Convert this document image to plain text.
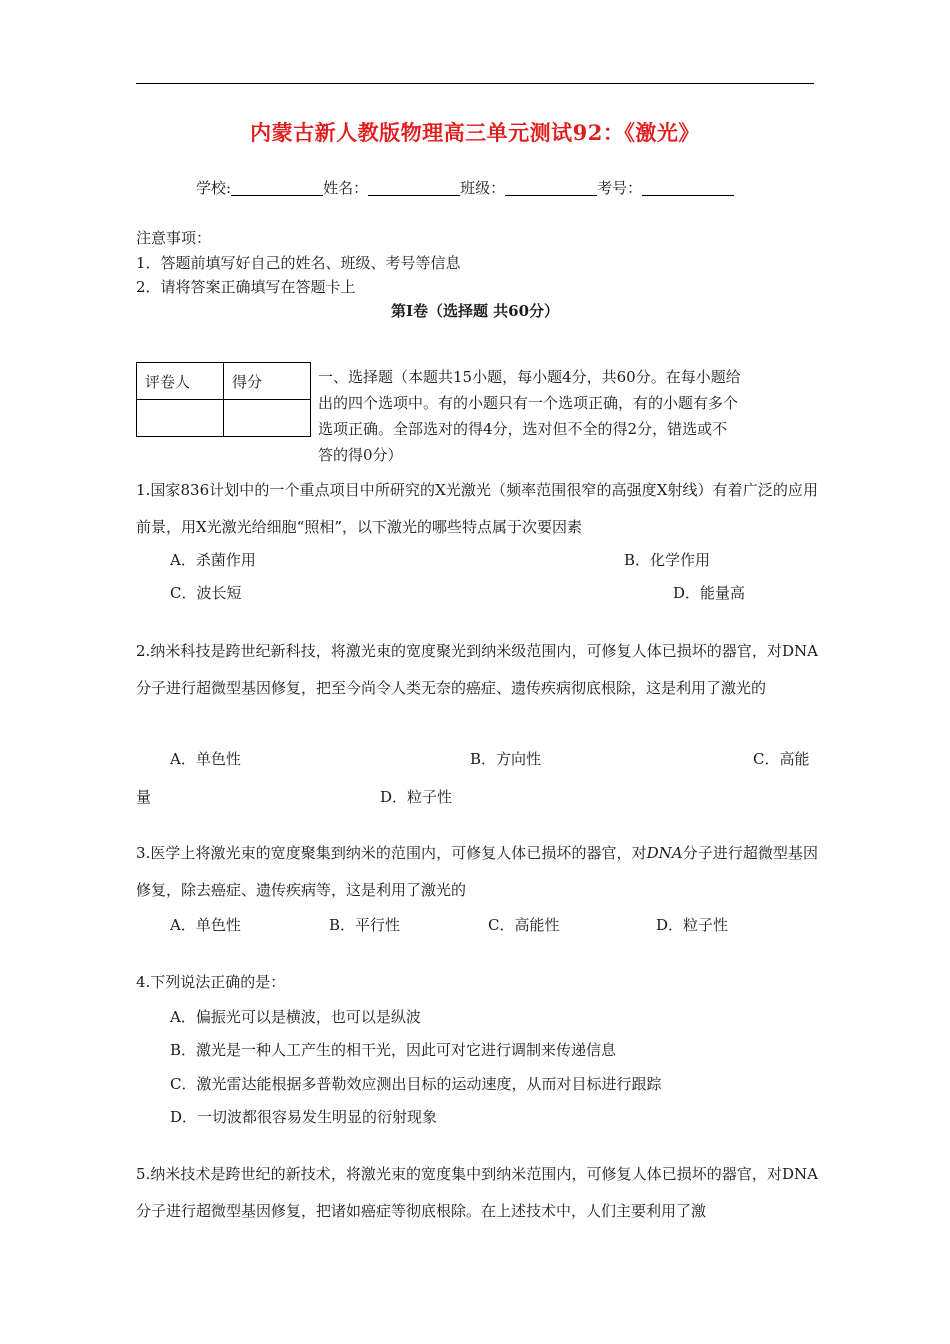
内蒙古新人教版物理高三单元测试92：《激光》
学校:	姓名：	班级：	考号：
注意事项：
1．答题前填写好自己的姓名、班级、考号等信息
2．请将答案正确填写在答题卡上
第I卷（选择题 共60分）
评卷人	得分
		一、选择题（本题共15小题，每小题4分，共60分。在每小题给
出的四个选项中。有的小题只有一个选项正确，有的小题有多个
选项正确。全部选对的得4分，选对但不全的得2分，错选或不
答的得0分）
1.国家836计划中的一个重点项目中所研究的X光激光（频率范围很窄的高强度X射线）有着广泛的应用前景，用X光激光给细胞“照相”，以下激光的哪些特点属于次要因素
A．杀菌作用	B．化学作用
C．波长短	D．能量高
2.纳米科技是跨世纪新科技，将激光束的宽度聚光到纳米级范围内，可修复人体已损坏的器官，对DNA分子进行超微型基因修复，把至今尚令人类无奈的癌症、遗传疾病彻底根除，这是利用了激光的
A．单色性	B．方向性	C．高能
量	D．粒子性
3.医学上将激光束的宽度聚集到纳米的范围内，可修复人体已损坏的器官，对DNA分子进行超微型基因修复，除去癌症、遗传疾病等，这是利用了激光的
A．单色性	B．平行性	C．高能性	D．粒子性
4.下列说法正确的是：
A．偏振光可以是横波，也可以是纵波
B．激光是一种人工产生的相干光，因此可对它进行调制来传递信息
C．激光雷达能根据多普勒效应测出目标的运动速度，从而对目标进行跟踪
D．一切波都很容易发生明显的衍射现象
5.纳米技术是跨世纪的新技术，将激光束的宽度集中到纳米范围内，可修复人体已损坏的器官，对DNA分子进行超微型基因修复，把诸如癌症等彻底根除。在上述技术中，人们主要利用了激
